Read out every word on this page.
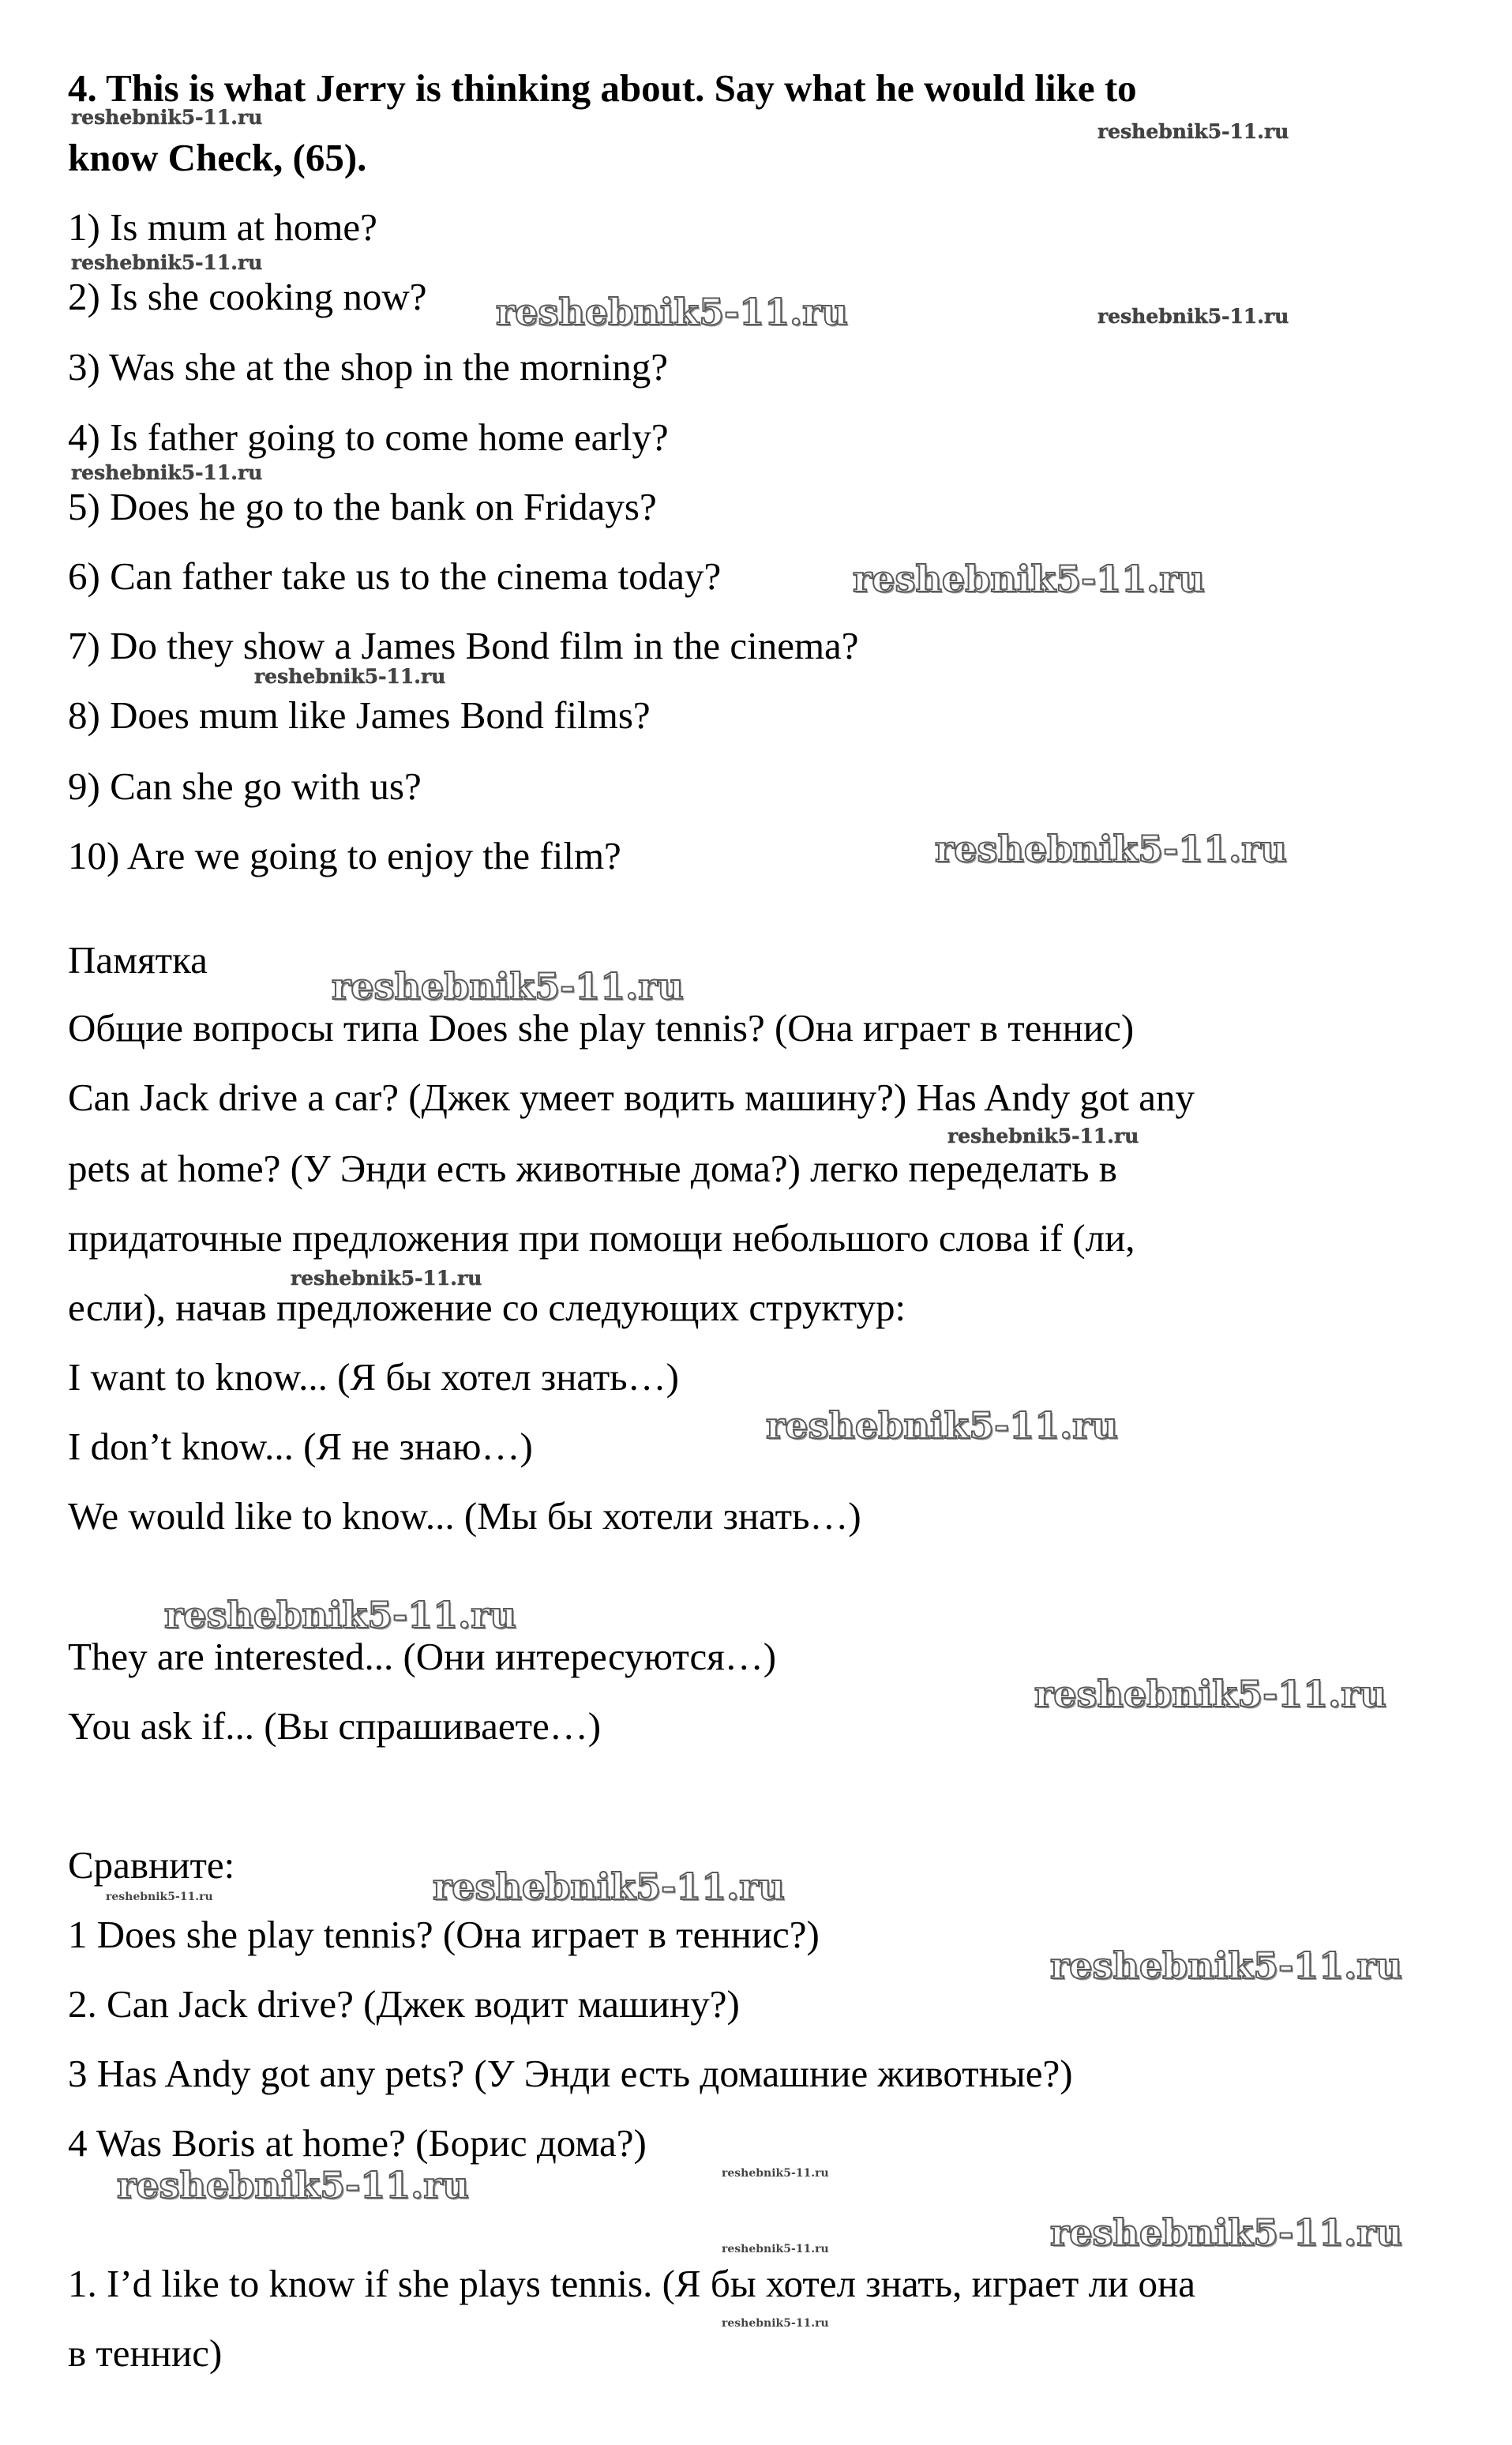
4. This is what Jerry is thinking about. Say what he would like to
know Check, (65).
1) Is mum at home?
2) Is she cooking now?
3) Was she at the shop in the morning?
4) Is father going to come home early?
5) Does he go to the bank on Fridays?
6) Can father take us to the cinema today?
7) Do they show a James Bond film in the cinema?
8) Does mum like James Bond films?
9) Can she go with us?
10) Are we going to enjoy the film?
Памятка
Общие вопросы типа Does she play tennis? (Она играет в теннис)
Can Jack drive a car? (Джек умеет водить машину?) Has Andy got any
pets at home? (У Энди есть животные дома?) легко переделать в
придаточные предложения при помощи небольшого слова if (ли,
если), начав предложение со следующих структур:
I want to know... (Я бы хотел знать…)
I don’t know... (Я не знаю…)
We would like to know... (Мы бы хотели знать…)
They are interested... (Они интересуются…)
You ask if... (Вы спрашиваете…)
Сравните:
1 Does she play tennis? (Она играет в теннис?)
2. Can Jack drive? (Джек водит машину?)
3 Has Andy got any pets? (У Энди есть домашние животные?)
4 Was Boris at home? (Борис дома?)
1. I’d like to know if she plays tennis. (Я бы хотел знать, играет ли она
в теннис)
reshebnik5-11.ru
reshebnik5-11.ru
reshebnik5-11.ru
reshebnik5-11.ru	reshebnik5-11.ru
reshebnik5-11.ru
reshebnik5-11.ru
reshebnik5-11.ru
reshebnik5-11.ru
reshebnik5-11.ru
reshebnik5-11.ru
reshebnik5-11.ru
reshebnik5-11.ru
reshebnik5-11.ru
reshebnik5-11.ru
reshebnik5-11.ru	reshebnik5-11.ru
reshebnik5-11.ru
reshebnik5-11.ru	reshebnik5-11.ru
reshebnik5-11.ru
reshebnik5-11.ru
reshebnik5-11.ru
